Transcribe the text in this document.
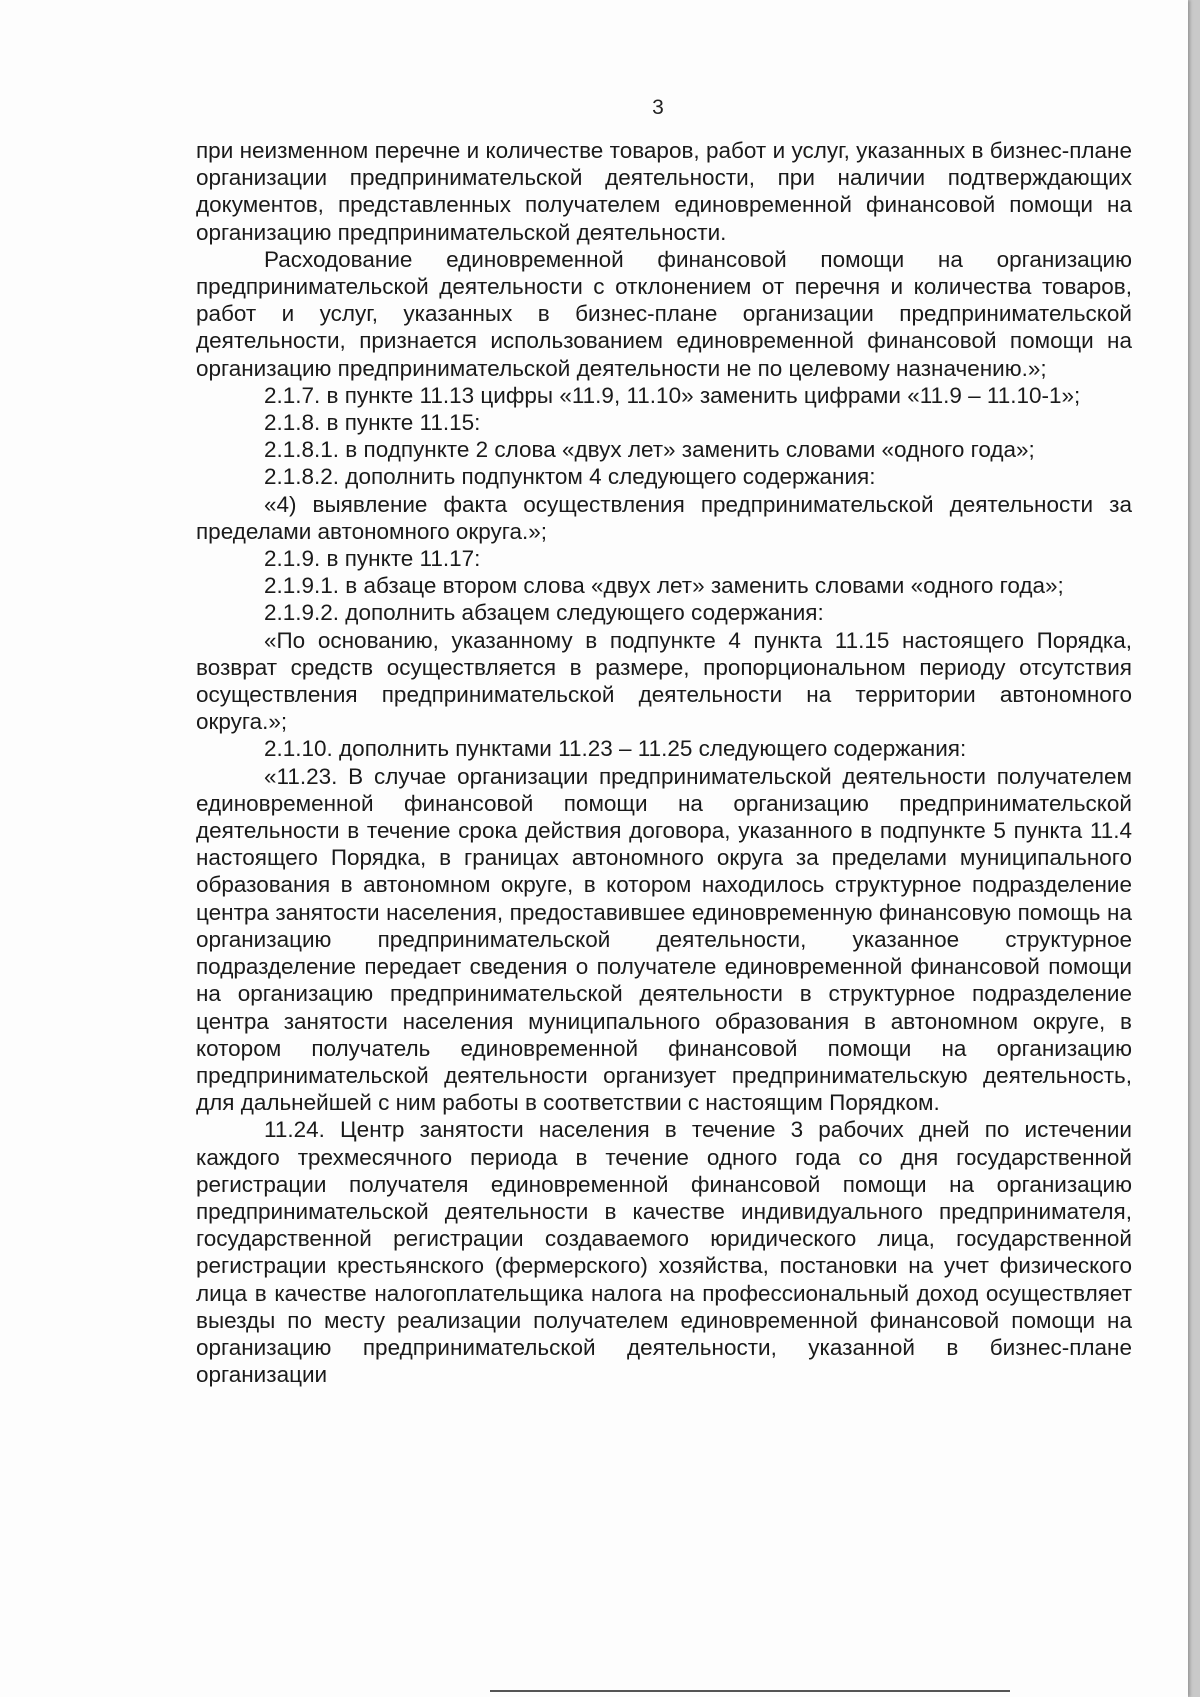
3

при неизменном перечне и количестве товаров, работ и услуг, указанных в бизнес-плане организации предпринимательской деятельности, при наличии подтверждающих документов, представленных получателем единовременной финансовой помощи на организацию предпринимательской деятельности.

Расходование единовременной финансовой помощи на организацию предпринимательской деятельности с отклонением от перечня и количества товаров, работ и услуг, указанных в бизнес-плане организации предпринимательской деятельности, признается использованием единовременной финансовой помощи на организацию предпринимательской деятельности не по целевому назначению.»;

2.1.7. в пункте 11.13 цифры «11.9, 11.10» заменить цифрами «11.9 – 11.10-1»;

2.1.8. в пункте 11.15:

2.1.8.1. в подпункте 2 слова «двух лет» заменить словами «одного года»;

2.1.8.2. дополнить подпунктом 4 следующего содержания:

«4) выявление факта осуществления предпринимательской деятельности за пределами автономного округа.»;

2.1.9. в пункте 11.17:

2.1.9.1. в абзаце втором слова «двух лет» заменить словами «одного года»;

2.1.9.2. дополнить абзацем следующего содержания:

«По основанию, указанному в подпункте 4 пункта 11.15 настоящего Порядка, возврат средств осуществляется в размере, пропорциональном периоду отсутствия осуществления предпринимательской деятельности на территории автономного округа.»;

2.1.10. дополнить пунктами 11.23 – 11.25 следующего содержания:

«11.23. В случае организации предпринимательской деятельности получателем единовременной финансовой помощи на организацию предпринимательской деятельности в течение срока действия договора, указанного в подпункте 5 пункта 11.4 настоящего Порядка, в границах автономного округа за пределами муниципального образования в автономном округе, в котором находилось структурное подразделение центра занятости населения, предоставившее единовременную финансовую помощь на организацию предпринимательской деятельности, указанное структурное подразделение передает сведения о получателе единовременной финансовой помощи на организацию предпринимательской деятельности в структурное подразделение центра занятости населения муниципального образования в автономном округе, в котором получатель единовременной финансовой помощи на организацию предпринимательской деятельности организует предпринимательскую деятельность, для дальнейшей с ним работы в соответствии с настоящим Порядком.

11.24. Центр занятости населения в течение 3 рабочих дней по истечении каждого трехмесячного периода в течение одного года со дня государственной регистрации получателя единовременной финансовой помощи на организацию предпринимательской деятельности в качестве индивидуального предпринимателя, государственной регистрации создаваемого юридического лица, государственной регистрации крестьянского (фермерского) хозяйства, постановки на учет физического лица в качестве налогоплательщика налога на профессиональный доход осуществляет выезды по месту реализации получателем единовременной финансовой помощи на организацию предпринимательской деятельности, указанной в бизнес-плане организации
